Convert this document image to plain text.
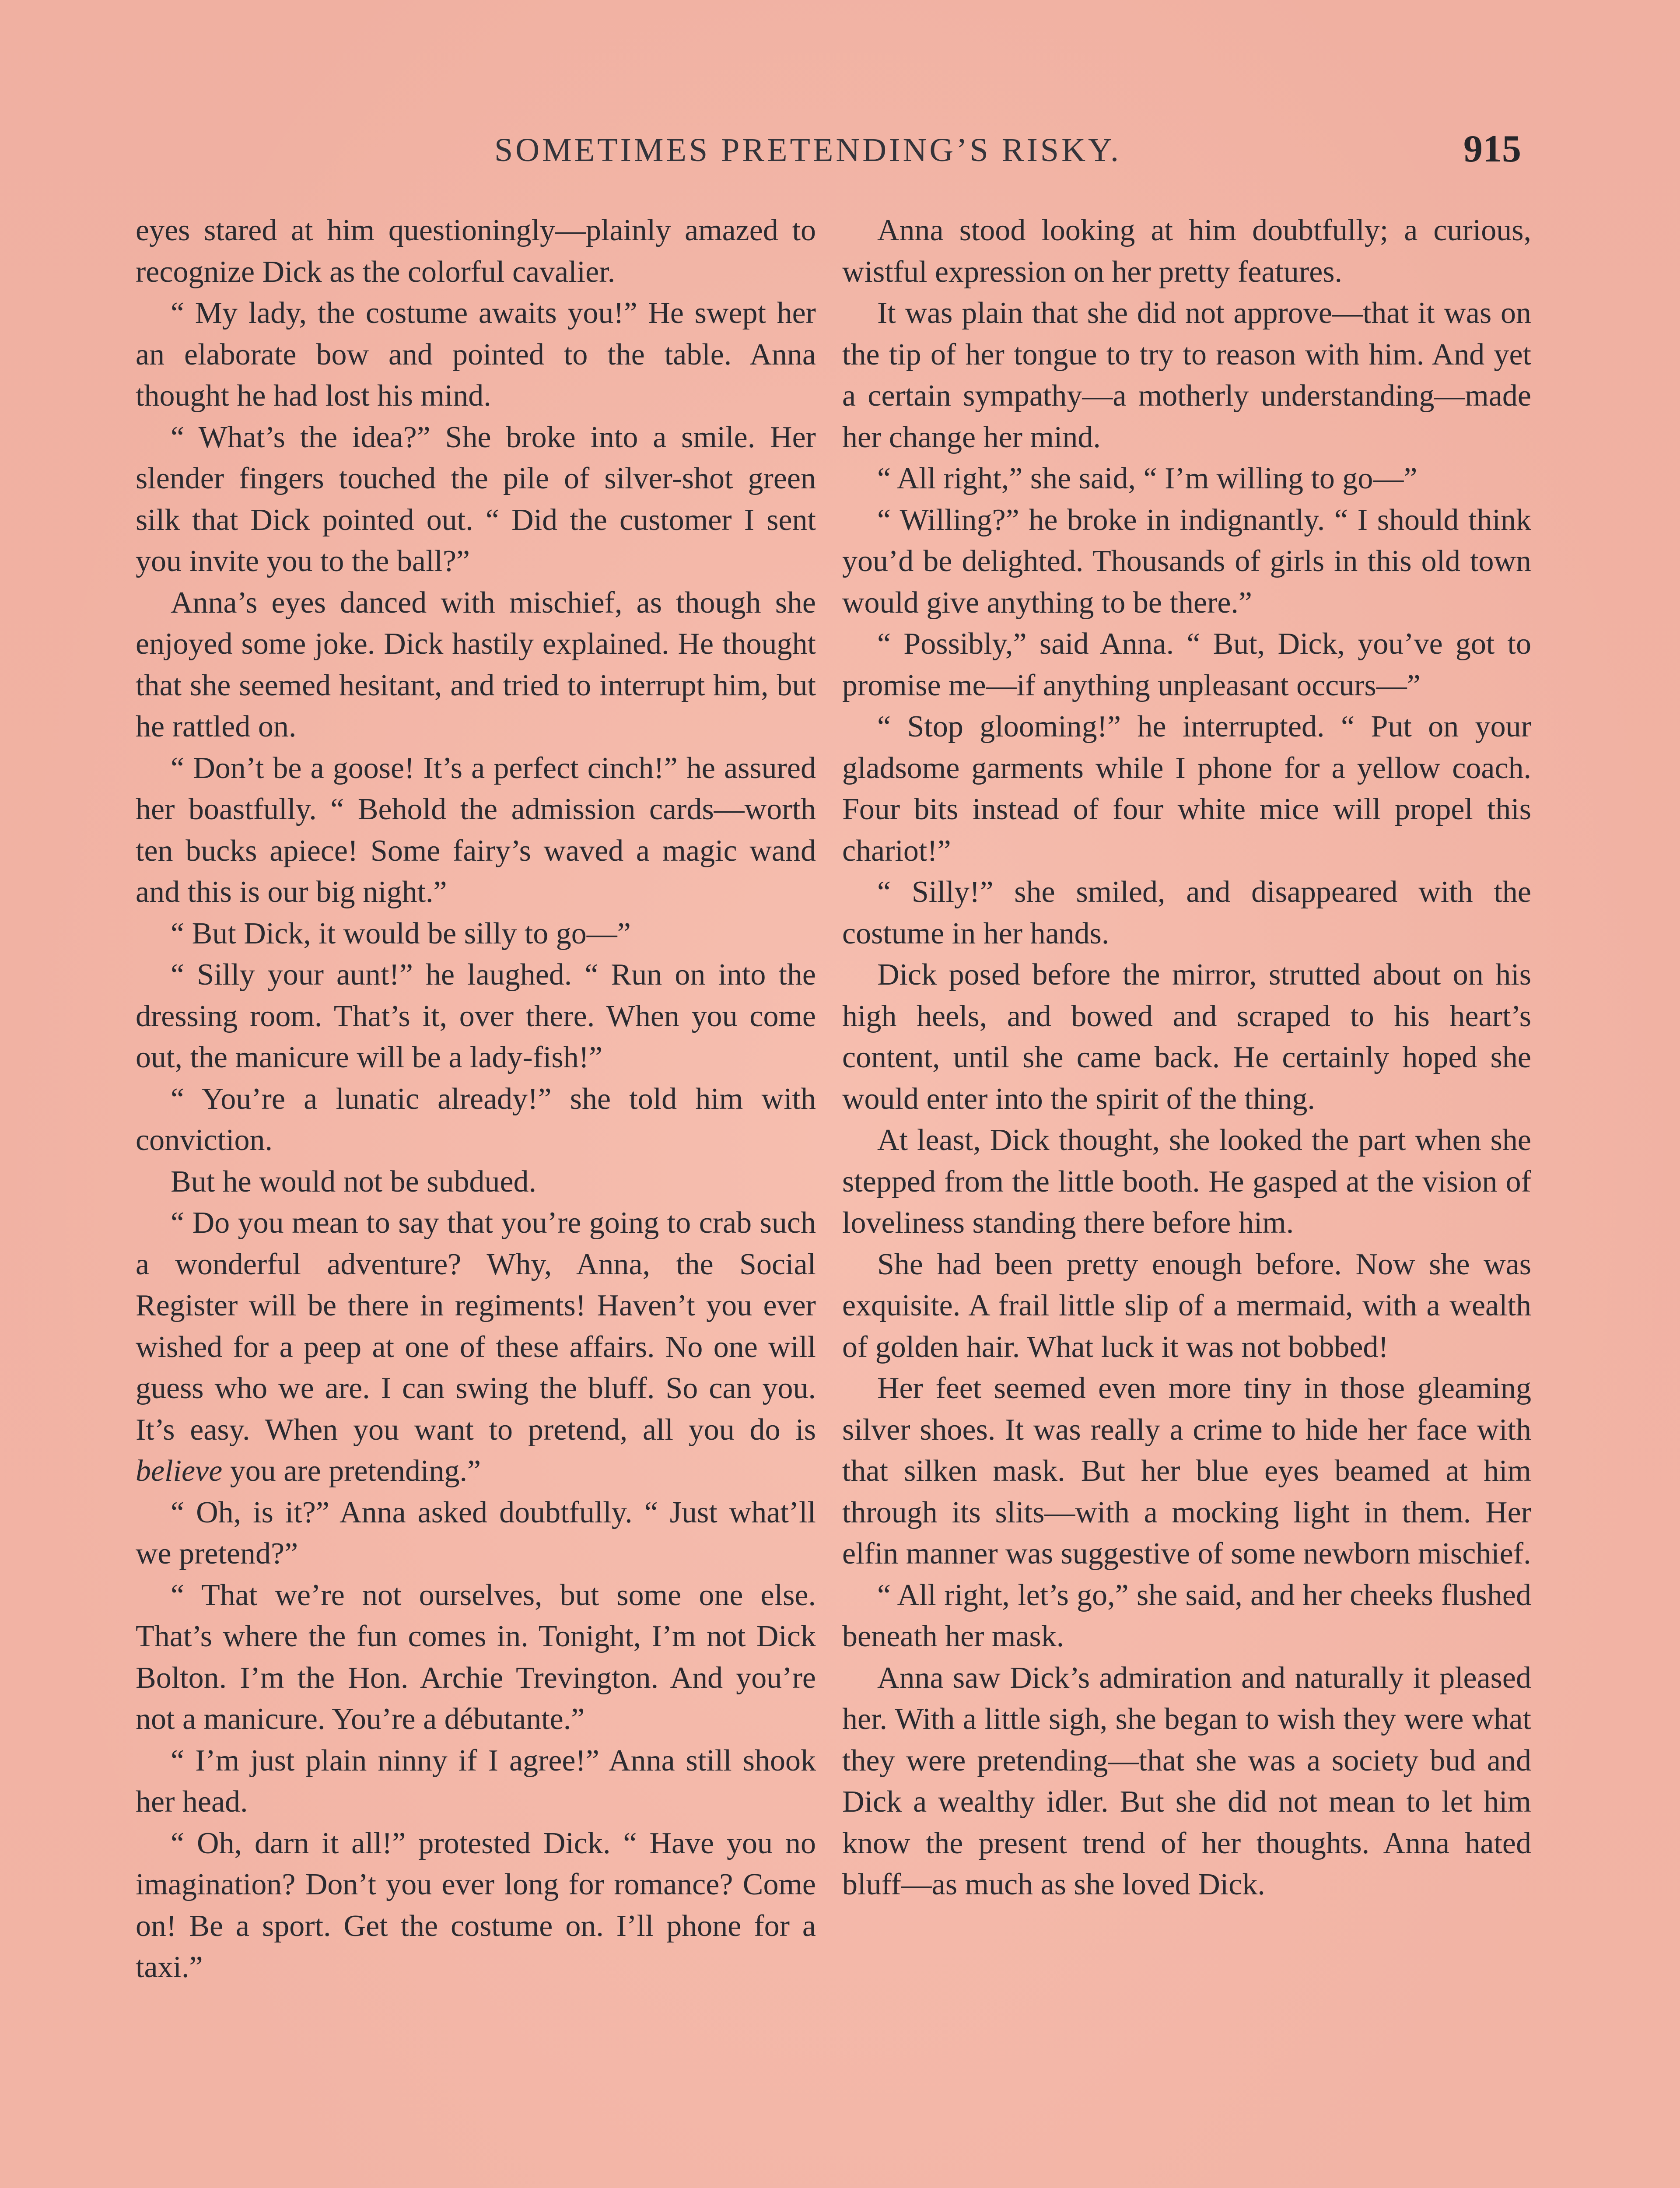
SOMETIMES PRETENDING’S RISKY.	915

eyes stared at him questioningly—plainly amazed to recognize Dick as the colorful cavalier.

“ My lady, the costume awaits you!” He swept her an elaborate bow and pointed to the table. Anna thought he had lost his mind.

“ What’s the idea?” She broke into a smile. Her slender fingers touched the pile of silver-shot green silk that Dick pointed out. “ Did the customer I sent you invite you to the ball?”

Anna’s eyes danced with mischief, as though she enjoyed some joke. Dick hastily explained. He thought that she seemed hesitant, and tried to interrupt him, but he rattled on.

“ Don’t be a goose! It’s a perfect cinch!” he assured her boastfully. “ Behold the admission cards—worth ten bucks apiece! Some fairy’s waved a magic wand and this is our big night.”

“ But Dick, it would be silly to go—”

“ Silly your aunt!” he laughed. “ Run on into the dressing room. That’s it, over there. When you come out, the manicure will be a lady-fish!”

“ You’re a lunatic already!” she told him with conviction.

But he would not be subdued.

“ Do you mean to say that you’re going to crab such a wonderful adventure? Why, Anna, the Social Register will be there in regiments! Haven’t you ever wished for a peep at one of these affairs. No one will guess who we are. I can swing the bluff. So can you. It’s easy. When you want to pretend, all you do is believe you are pretending.”

“ Oh, is it?” Anna asked doubtfully. “ Just what’ll we pretend?”

“ That we’re not ourselves, but some one else. That’s where the fun comes in. Tonight, I’m not Dick Bolton. I’m the Hon. Archie Trevington. And you’re not a manicure. You’re a débutante.”

“ I’m just plain ninny if I agree!” Anna still shook her head.

“ Oh, darn it all!” protested Dick. “ Have you no imagination? Don’t you ever long for romance? Come on! Be a sport. Get the costume on. I’ll phone for a taxi.”

Anna stood looking at him doubtfully; a curious, wistful expression on her pretty features.

It was plain that she did not approve—that it was on the tip of her tongue to try to reason with him. And yet a certain sympathy—a motherly understanding—made her change her mind.

“ All right,” she said, “ I’m willing to go—”

“ Willing?” he broke in indignantly. “ I should think you’d be delighted. Thousands of girls in this old town would give anything to be there.”

“ Possibly,” said Anna. “ But, Dick, you’ve got to promise me—if anything unpleasant occurs—”

“ Stop glooming!” he interrupted. “ Put on your gladsome garments while I phone for a yellow coach. Four bits instead of four white mice will propel this chariot!”

“ Silly!” she smiled, and disappeared with the costume in her hands.

Dick posed before the mirror, strutted about on his high heels, and bowed and scraped to his heart’s content, until she came back. He certainly hoped she would enter into the spirit of the thing.

At least, Dick thought, she looked the part when she stepped from the little booth. He gasped at the vision of loveliness standing there before him.

She had been pretty enough before. Now she was exquisite. A frail little slip of a mermaid, with a wealth of golden hair. What luck it was not bobbed!

Her feet seemed even more tiny in those gleaming silver shoes. It was really a crime to hide her face with that silken mask. But her blue eyes beamed at him through its slits—with a mocking light in them. Her elfin manner was suggestive of some newborn mischief.

“ All right, let’s go,” she said, and her cheeks flushed beneath her mask.

Anna saw Dick’s admiration and naturally it pleased her. With a little sigh, she began to wish they were what they were pretending—that she was a society bud and Dick a wealthy idler. But she did not mean to let him know the present trend of her thoughts. Anna hated bluff—as much as she loved Dick.
